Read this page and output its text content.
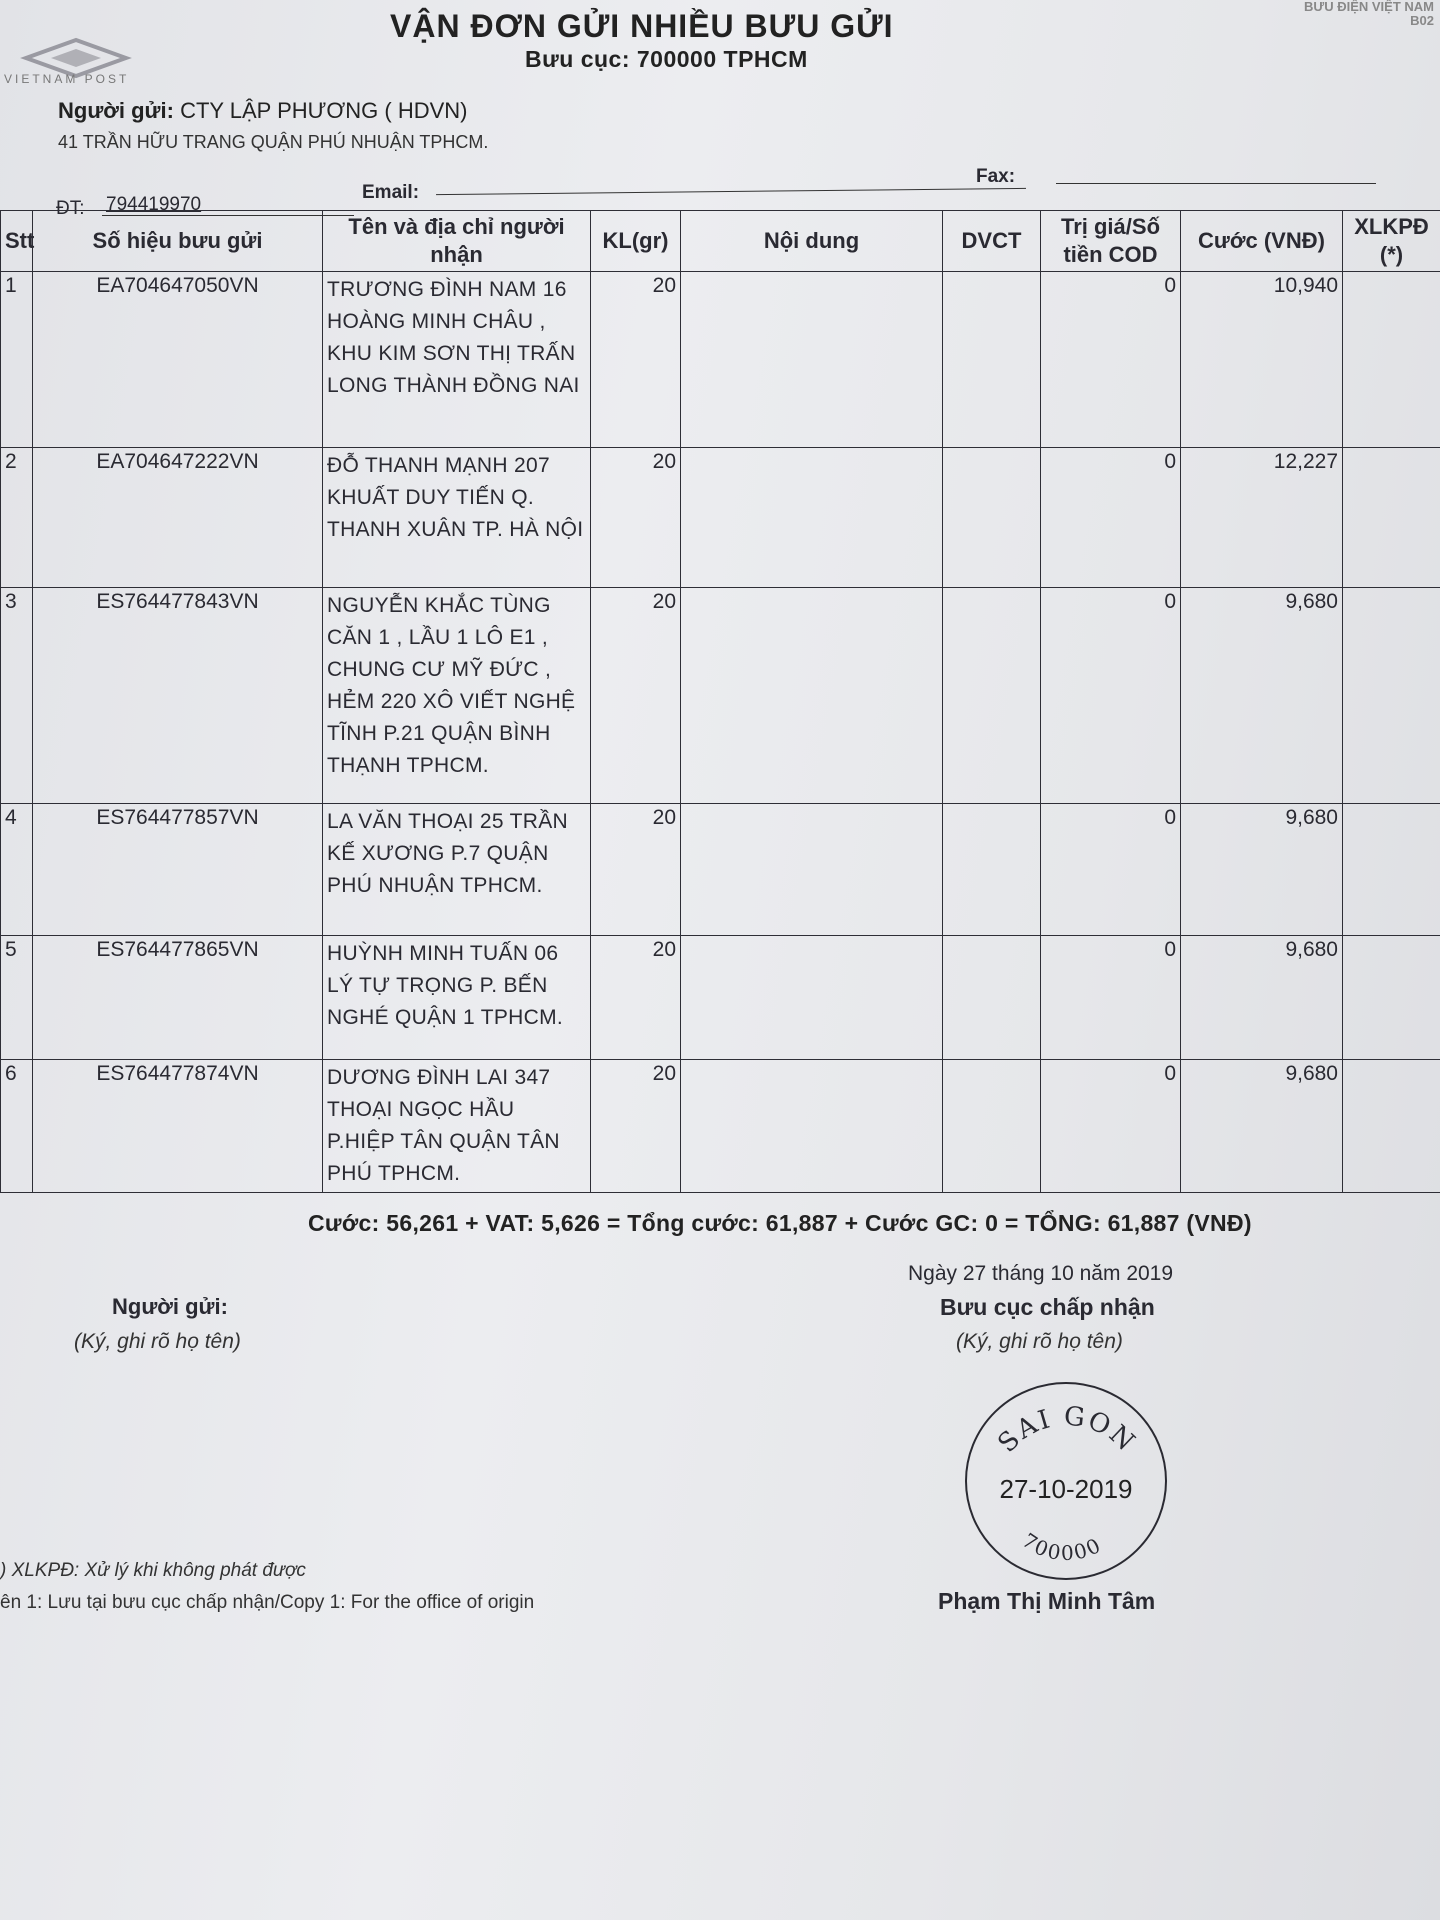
VIETNAM POST
BƯU ĐIỆN VIỆT NAM
B02
VẬN ĐƠN GỬI NHIỀU BƯU GỬI
Bưu cục: 700000 TPHCM
Người gửi: CTY LẬP PHƯƠNG ( HDVN)
41 TRẦN HỮU TRANG QUẬN PHÚ NHUẬN TPHCM.
ĐT: 794419970
Email:
Fax:
Stt	Số hiệu bưu gửi	Tên và địa chỉ người nhận	KL(gr)	Nội dung	DVCT	Trị giá/Số tiền COD	Cước (VNĐ)	XLKPĐ (*)
1	EA704647050VN	TRƯƠNG ĐÌNH NAM 16 HOÀNG MINH CHÂU , KHU KIM SƠN THỊ TRẤN LONG THÀNH ĐỒNG NAI	20			0	10,940	
2	EA704647222VN	ĐỖ THANH MẠNH 207 KHUẤT DUY TIẾN Q. THANH XUÂN TP. HÀ NỘI	20			0	12,227	
3	ES764477843VN	NGUYỄN KHẮC TÙNG CĂN 1 , LẦU 1 LÔ E1 , CHUNG CƯ MỸ ĐỨC , HẺM 220 XÔ VIẾT NGHỆ TĨNH P.21 QUẬN BÌNH THẠNH TPHCM.	20			0	9,680	
4	ES764477857VN	LA VĂN THOẠI 25 TRẦN KẾ XƯƠNG P.7 QUẬN PHÚ NHUẬN TPHCM.	20			0	9,680	
5	ES764477865VN	HUỲNH MINH TUẤN 06 LÝ TỰ TRỌNG P. BẾN NGHÉ QUẬN 1 TPHCM.	20			0	9,680	
6	ES764477874VN	DƯƠNG ĐÌNH LAI 347 THOẠI NGỌC HẦU P.HIỆP TÂN QUẬN TÂN PHÚ TPHCM.	20			0	9,680	
Cước: 56,261 + VAT: 5,626 = Tổng cước: 61,887 + Cước GC: 0 = TỔNG: 61,887 (VNĐ)
Ngày 27 tháng 10 năm 2019
Người gửi:
(Ký, ghi rõ họ tên)
Bưu cục chấp nhận
(Ký, ghi rõ họ tên)
SAI GON
27-10-2019
700000
) XLKPĐ: Xử lý khi không phát được
ên 1: Lưu tại bưu cục chấp nhận/Copy 1: For the office of origin	Phạm Thị Minh Tâm
